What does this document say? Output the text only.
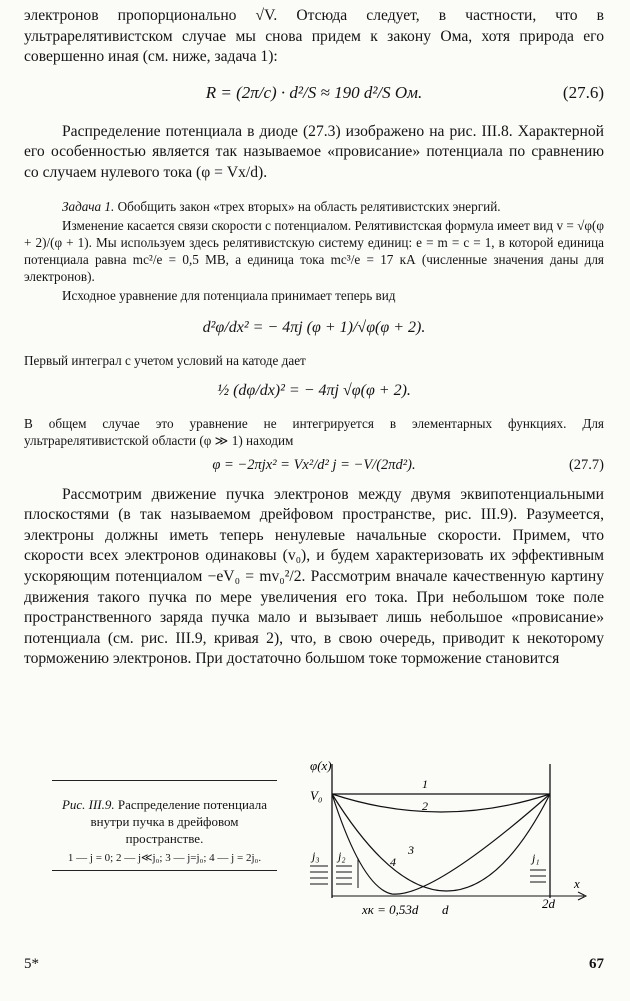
электронов пропорционально √V. Отсюда следует, в частности, что в ультрарелятивистском случае мы снова придем к закону Ома, хотя природа его совершенно иная (см. ниже, задача 1):

R = (2π/c) · d²/S ≈ 190 d²/S Ом.	(27.6)

Распределение потенциала в диоде (27.3) изображено на рис. III.8. Характерной его особенностью является так называемое «провисание» потенциала по сравнению со случаем нулевого тока (φ = Vx/d).

Задача 1. Обобщить закон «трех вторых» на область релятивистских энергий.

Изменение касается связи скорости с потенциалом. Релятивистская формула имеет вид v = √φ(φ + 2)/(φ + 1). Мы используем здесь релятивистскую систему единиц: e = m = c = 1, в которой единица потенциала равна mc²/e = 0,5 МВ, а единица тока mc³/e = 17 кА (численные значения даны для электронов).

Исходное уравнение для потенциала принимает теперь вид

d²φ/dx² = − 4πj (φ + 1)/√φ(φ + 2).

Первый интеграл с учетом условий на катоде дает

½ (dφ/dx)² = − 4πj √φ(φ + 2).

В общем случае это уравнение не интегрируется в элементарных функциях. Для ультрарелятивистской области (φ ≫ 1) находим

φ = −2πjx² = Vx²/d² j = −V/(2πd²).	(27.7)

Рассмотрим движение пучка электронов между двумя эквипотенциальными плоскостями (в так называемом дрейфовом пространстве, рис. III.9). Разумеется, электроны должны иметь теперь ненулевые начальные скорости. Примем, что скорости всех электронов одинаковы (v₀), и будем характеризовать их эффективным ускоряющим потенциалом −eV₀ = mv₀²/2. Рассмотрим вначале качественную картину движения такого пучка по мере увеличения его тока. При небольшом токе поле пространственного заряда пучка мало и вызывает лишь небольшое «провисание» потенциала (см. рис. III.9, кривая 2), что, в свою очередь, приводит к некоторому торможению электронов. При достаточно большом токе торможение становится

Рис. III.9. Распределение потенциала внутри пучка в дрейфовом пространстве.
1 — j = 0; 2 — j≪j₀; 3 — j=j₀; 4 — j = 2j₀.
φ(x)
V₀
1
2
3
4
j₃ j₂	j₁
x
xк = 0,53d d	2d
5*	67
